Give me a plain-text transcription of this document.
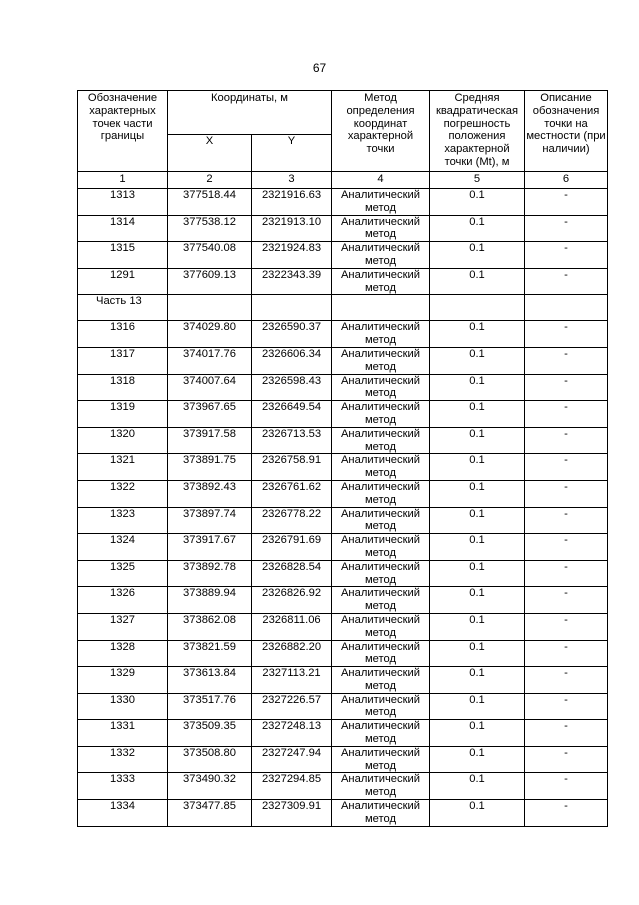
67
Обозначение характерных точек части границы	Координаты, м		Метод определения координат характерной точки	Средняя квадратическая погрешность положения характерной точки (Mt), м	Описание обозначения точки на местности (при наличии)
	X	Y			
1	2	3	4	5	6
1313	377518.44	2321916.63	Аналитический метод	0.1	-
1314	377538.12	2321913.10	Аналитический метод	0.1	-
1315	377540.08	2321924.83	Аналитический метод	0.1	-
1291	377609.13	2322343.39	Аналитический метод	0.1	-
Часть 13					
1316	374029.80	2326590.37	Аналитический метод	0.1	-
1317	374017.76	2326606.34	Аналитический метод	0.1	-
1318	374007.64	2326598.43	Аналитический метод	0.1	-
1319	373967.65	2326649.54	Аналитический метод	0.1	-
1320	373917.58	2326713.53	Аналитический метод	0.1	-
1321	373891.75	2326758.91	Аналитический метод	0.1	-
1322	373892.43	2326761.62	Аналитический метод	0.1	-
1323	373897.74	2326778.22	Аналитический метод	0.1	-
1324	373917.67	2326791.69	Аналитический метод	0.1	-
1325	373892.78	2326828.54	Аналитический метод	0.1	-
1326	373889.94	2326826.92	Аналитический метод	0.1	-
1327	373862.08	2326811.06	Аналитический метод	0.1	-
1328	373821.59	2326882.20	Аналитический метод	0.1	-
1329	373613.84	2327113.21	Аналитический метод	0.1	-
1330	373517.76	2327226.57	Аналитический метод	0.1	-
1331	373509.35	2327248.13	Аналитический метод	0.1	-
1332	373508.80	2327247.94	Аналитический метод	0.1	-
1333	373490.32	2327294.85	Аналитический метод	0.1	-
1334	373477.85	2327309.91	Аналитический метод	0.1	-
